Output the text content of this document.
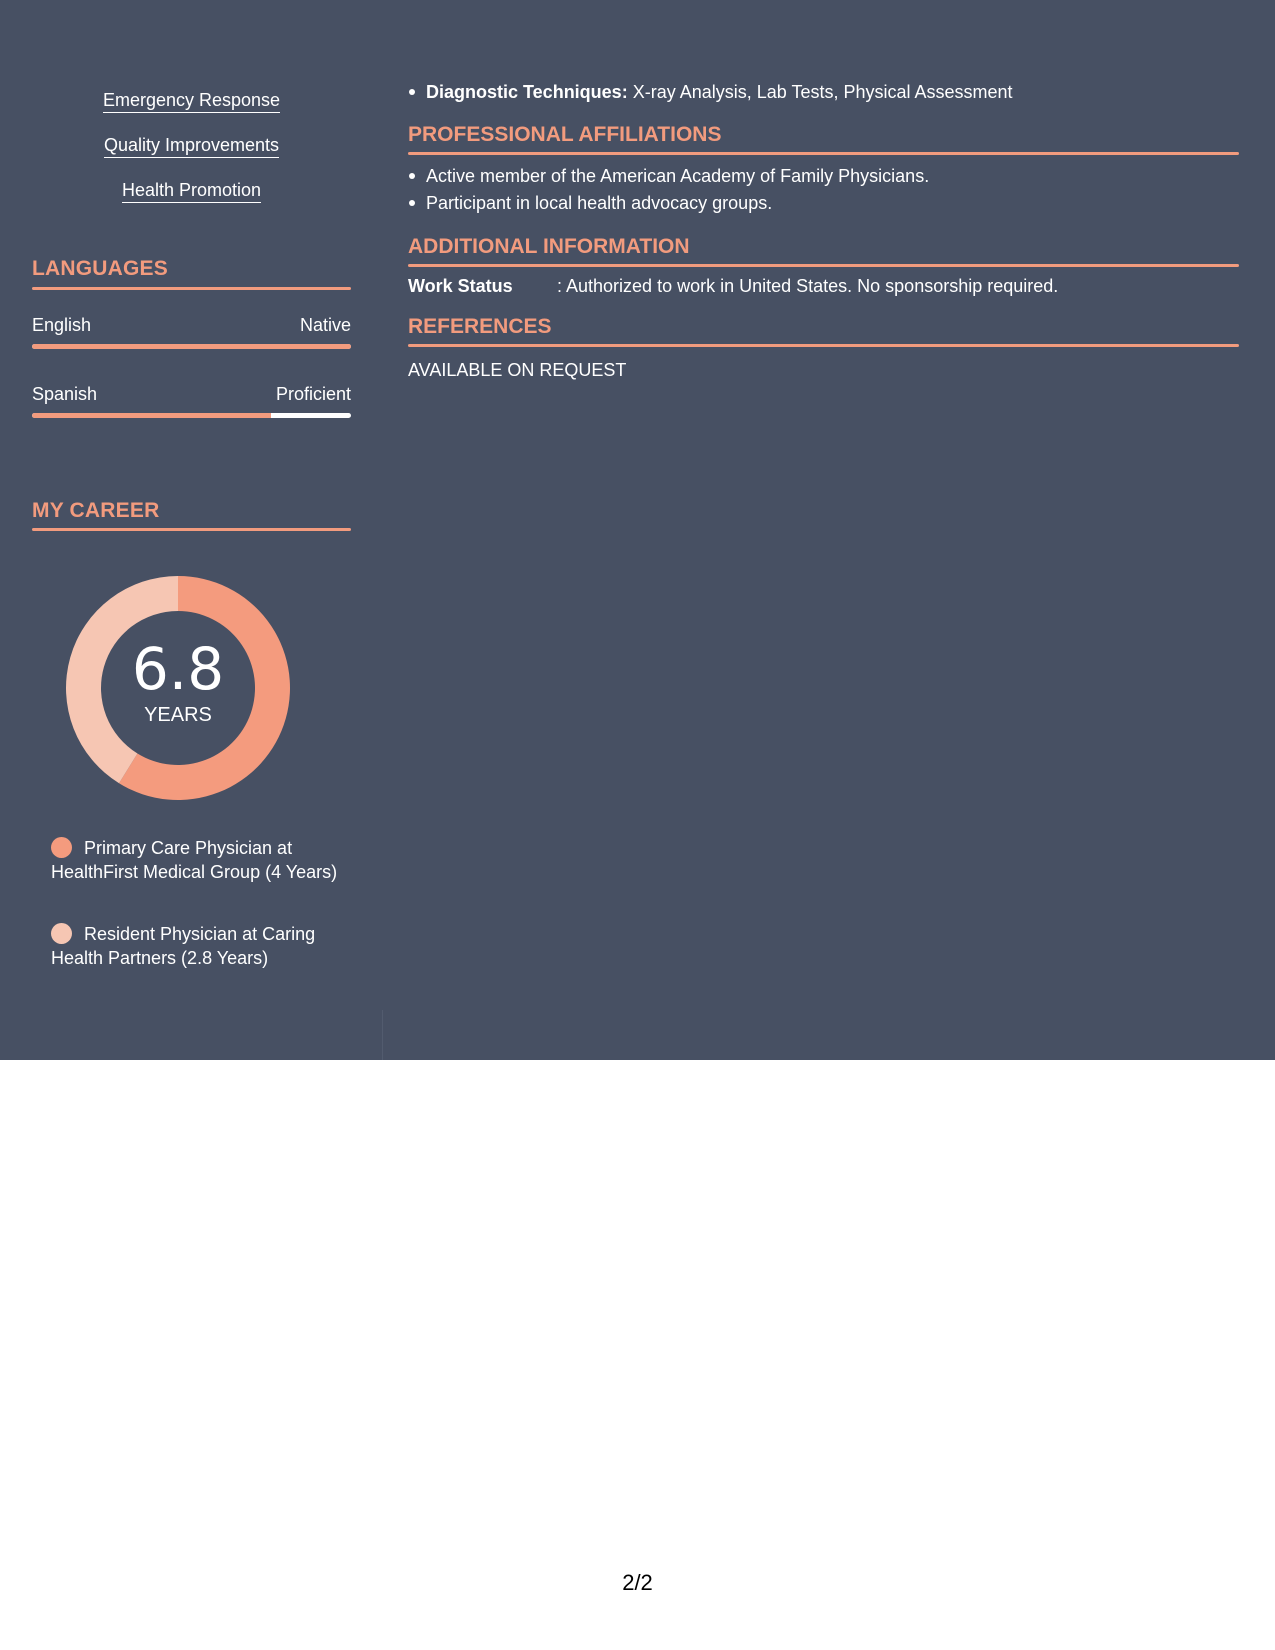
Emergency Response
Quality Improvements
Health Promotion
LANGUAGES
English	Native
Spanish	Proficient
MY CAREER
6.8
YEARS
Primary Care Physician at HealthFirst Medical Group (4 Years)
Resident Physician at Caring Health Partners (2.8 Years)
Diagnostic Techniques: X-ray Analysis, Lab Tests, Physical Assessment
PROFESSIONAL AFFILIATIONS
Active member of the American Academy of Family Physicians.
Participant in local health advocacy groups.
ADDITIONAL INFORMATION
Work Status : Authorized to work in United States. No sponsorship required.
REFERENCES
AVAILABLE ON REQUEST
2/2
